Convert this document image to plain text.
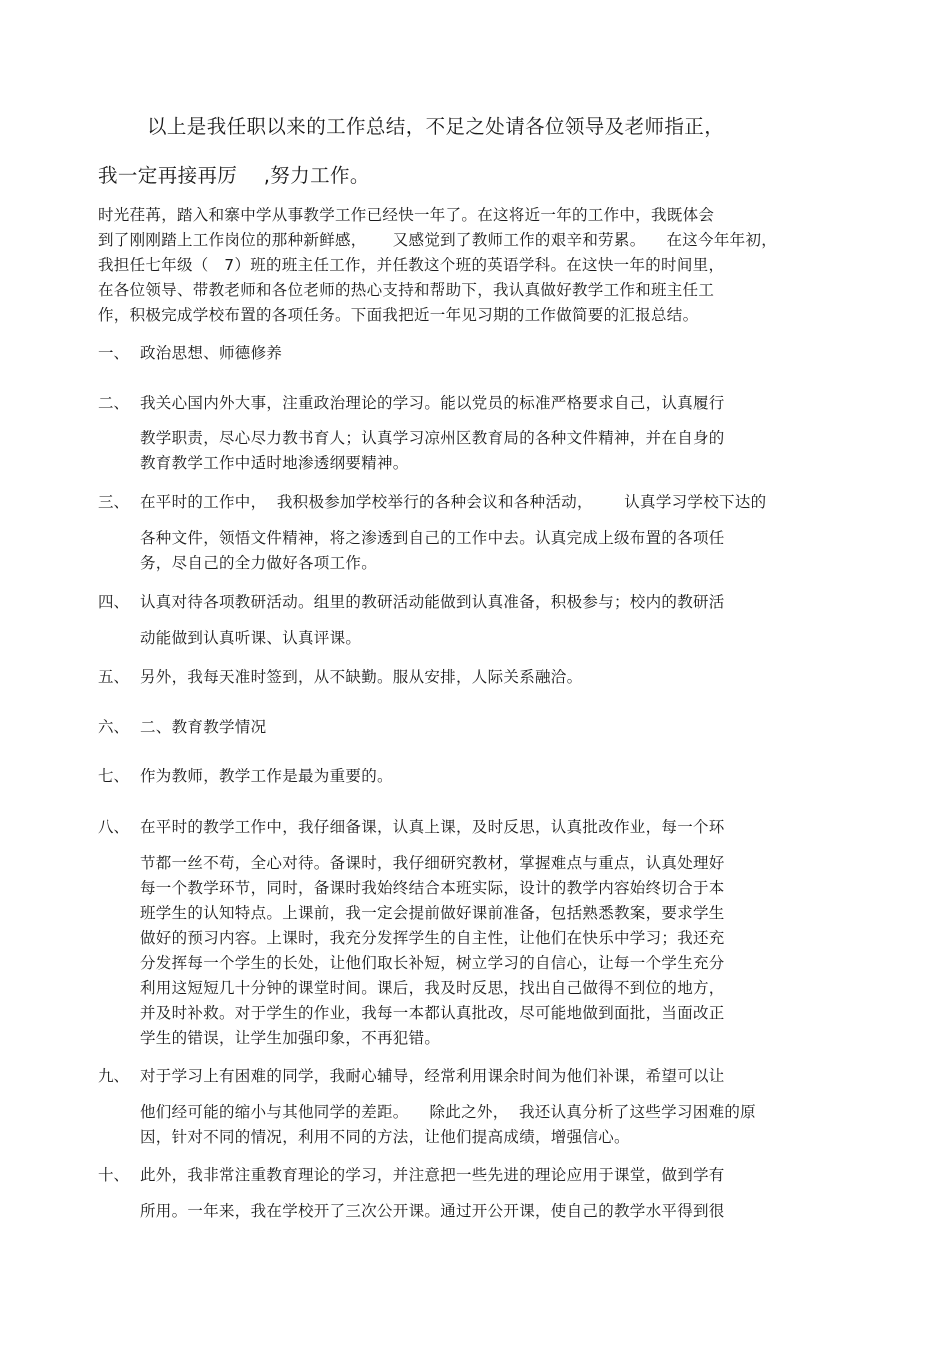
以上是我任职以来的工作总结，不足之处请各位领导及老师指正，
我一定再接再厉    ,努力工作。
时光荏苒，踏入和寨中学从事教学工作已经快一年了。在这将近一年的工作中，我既体会
到了刚刚踏上工作岗位的那种新鲜感，     又感觉到了教师工作的艰辛和劳累。    在这今年年初，
我担任七年级（   7）班的班主任工作，并任教这个班的英语学科。在这快一年的时间里，
在各位领导、带教老师和各位老师的热心支持和帮助下，我认真做好教学工作和班主任工
作，积极完成学校布置的各项任务。下面我把近一年见习期的工作做简要的汇报总结。
一、 政治思想、师德修养
二、 我关心国内外大事，注重政治理论的学习。能以党员的标准严格要求自己，认真履行
教学职责，尽心尽力教书育人；认真学习凉州区教育局的各种文件精神，并在自身的
教育教学工作中适时地渗透纲要精神。
三、 在平时的工作中，  我积极参加学校举行的各种会议和各种活动，      认真学习学校下达的
各种文件，领悟文件精神，将之渗透到自己的工作中去。认真完成上级布置的各项任
务，尽自己的全力做好各项工作。
四、 认真对待各项教研活动。组里的教研活动能做到认真准备，积极参与；校内的教研活
动能做到认真听课、认真评课。
五、 另外，我每天准时签到，从不缺勤。服从安排，人际关系融洽。
六、 二、教育教学情况
七、 作为教师，教学工作是最为重要的。
八、 在平时的教学工作中，我仔细备课，认真上课，及时反思，认真批改作业，每一个环
节都一丝不苟，全心对待。备课时，我仔细研究教材，掌握难点与重点，认真处理好
每一个教学环节，同时，备课时我始终结合本班实际，设计的教学内容始终切合于本
班学生的认知特点。上课前，我一定会提前做好课前准备，包括熟悉教案，要求学生
做好的预习内容。上课时，我充分发挥学生的自主性，让他们在快乐中学习；我还充
分发挥每一个学生的长处，让他们取长补短，树立学习的自信心，让每一个学生充分
利用这短短几十分钟的课堂时间。课后，我及时反思，找出自己做得不到位的地方，
并及时补救。对于学生的作业，我每一本都认真批改，尽可能地做到面批，当面改正
学生的错误，让学生加强印象，不再犯错。
九、 对于学习上有困难的同学，我耐心辅导，经常利用课余时间为他们补课，希望可以让
他们经可能的缩小与其他同学的差距。    除此之外，  我还认真分析了这些学习困难的原
因，针对不同的情况，利用不同的方法，让他们提高成绩，增强信心。
十、 此外，我非常注重教育理论的学习，并注意把一些先进的理论应用于课堂，做到学有
所用。一年来，我在学校开了三次公开课。通过开公开课，使自己的教学水平得到很
